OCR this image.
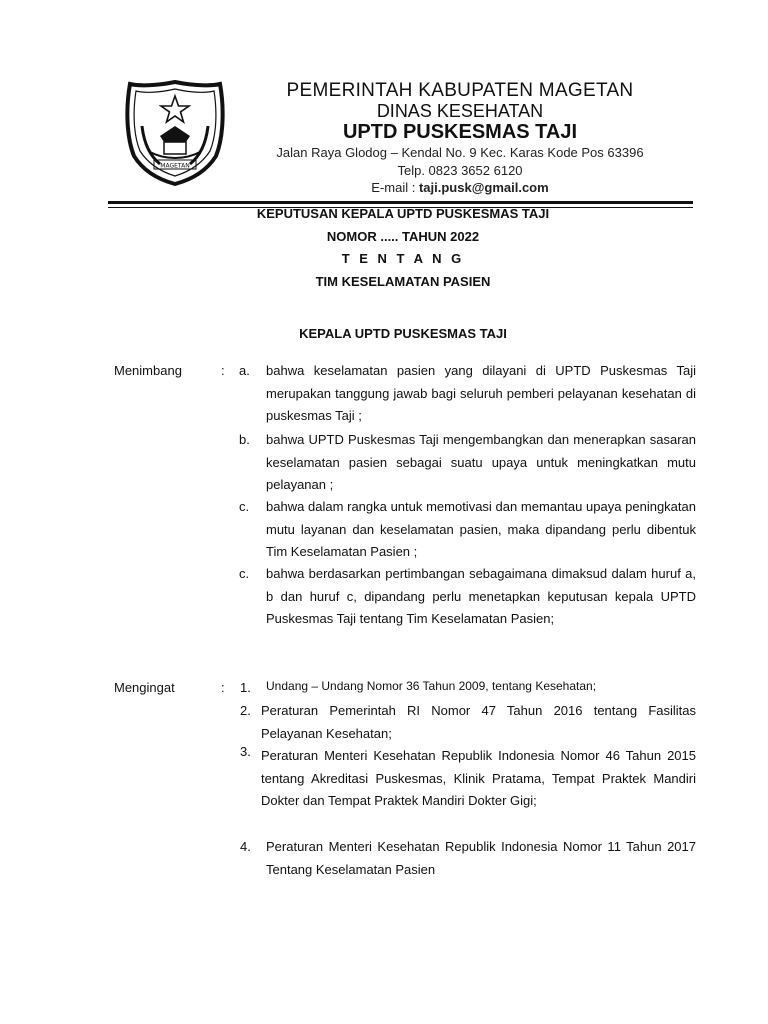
MAGETAN
PEMERINTAH KABUPATEN MAGETAN
DINAS KESEHATAN
UPTD PUSKESMAS TAJI
Jalan Raya Glodog – Kendal No. 9 Kec. Karas Kode Pos 63396
Telp. 0823 3652 6120
E-mail : taji.pusk@gmail.com
KEPUTUSAN KEPALA UPTD PUSKESMAS TAJI
NOMOR ..... TAHUN 2022
T E N T A N G
TIM KESELAMATAN PASIEN
KEPALA UPTD PUSKESMAS TAJI
Menimbang	: a. bahwa keselamatan pasien yang dilayani di UPTD Puskesmas Taji merupakan tanggung jawab bagi seluruh pemberi pelayanan kesehatan di puskesmas Taji ;
b. bahwa UPTD Puskesmas Taji mengembangkan dan menerapkan sasaran keselamatan pasien sebagai suatu upaya untuk meningkatkan mutu pelayanan ;
c. bahwa dalam rangka untuk memotivasi dan memantau upaya peningkatan mutu layanan dan keselamatan pasien, maka dipandang perlu dibentuk Tim Keselamatan Pasien ;
c. bahwa berdasarkan pertimbangan sebagaimana dimaksud dalam huruf a, b dan huruf c, dipandang perlu menetapkan keputusan kepala UPTD Puskesmas Taji tentang Tim Keselamatan Pasien;
Mengingat	: 1. Undang – Undang Nomor 36 Tahun 2009, tentang Kesehatan;
2. Peraturan Pemerintah RI Nomor 47 Tahun 2016 tentang Fasilitas Pelayanan Kesehatan;
3. Peraturan Menteri Kesehatan Republik Indonesia Nomor 46 Tahun 2015 tentang Akreditasi Puskesmas, Klinik Pratama, Tempat Praktek Mandiri Dokter dan Tempat Praktek Mandiri Dokter Gigi;
4. Peraturan Menteri Kesehatan Republik Indonesia Nomor 11 Tahun 2017 Tentang Keselamatan Pasien
